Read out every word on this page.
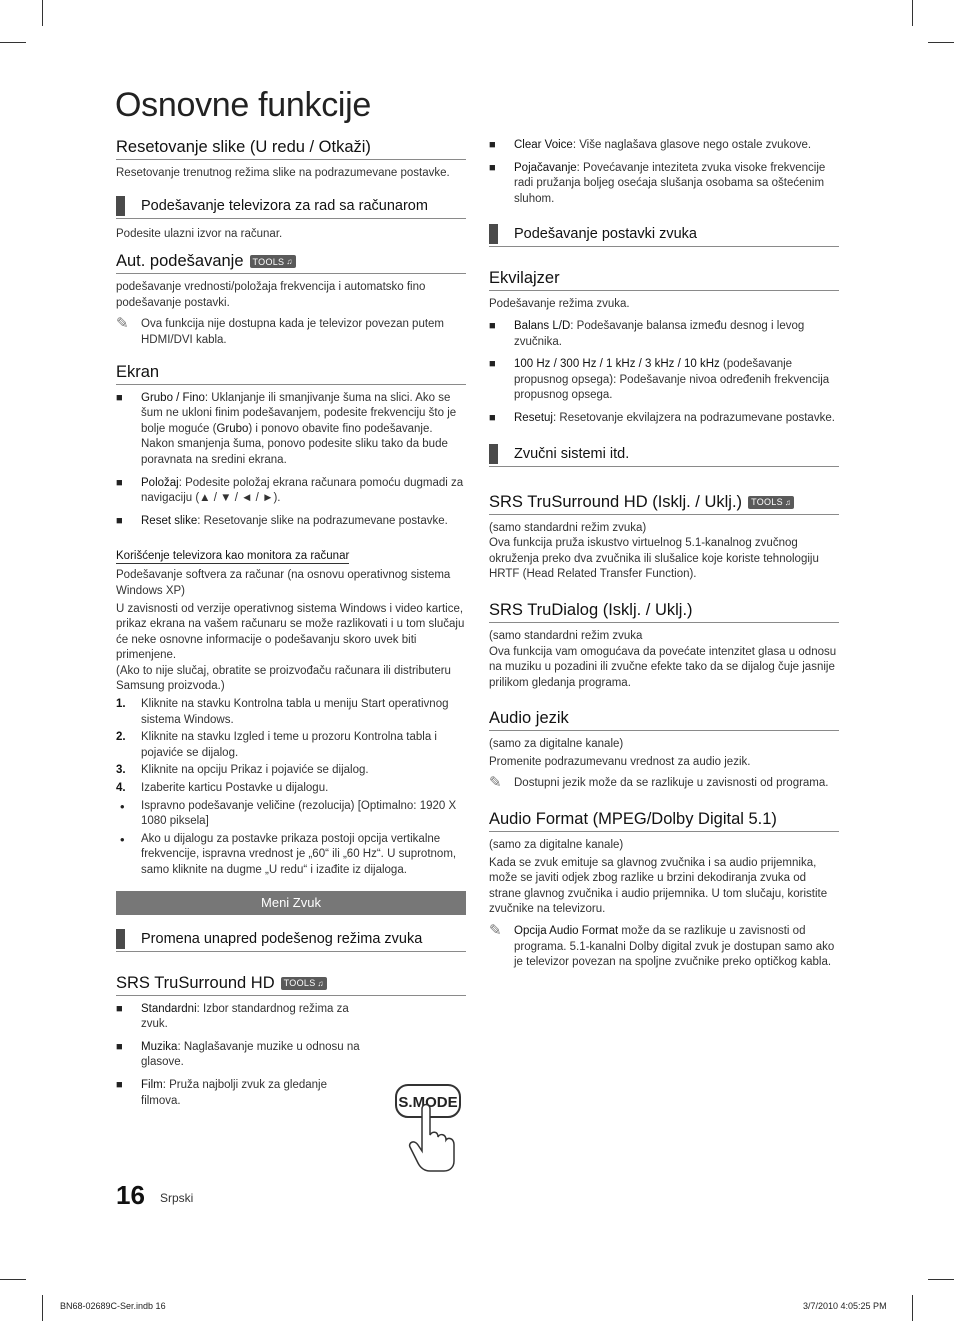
Osnovne funkcije
Resetovanje slike (U redu / Otkaži)

Resetovanje trenutnog režima slike na podrazumevane postavke.

Podešavanje televizora za rad sa računarom

Podesite ulazni izvor na računar.

Aut. podešavanje TOOLS ♫

podešavanje vrednosti/položaja frekvencija i automatsko fino podešavanje postavki.

✎ Ova funkcija nije dostupna kada je televizor povezan putem HDMI/DVI kabla.
Ekran
■ Grubo / Fino: Uklanjanje ili smanjivanje šuma na slici. Ako se šum ne ukloni finim podešavanjem, podesite frekvenciju što je bolje moguće (Grubo) i ponovo obavite fino podešavanje. Nakon smanjenja šuma, ponovo podesite sliku tako da bude poravnata na sredini ekrana.
■ Položaj: Podesite položaj ekrana računara pomoću dugmadi za navigaciju (▲ / ▼ / ◄ / ►).
■ Reset slike: Resetovanje slike na podrazumevane postavke.
Korišćenje televizora kao monitora za računar

Podešavanje softvera za računar (na osnovu operativnog sistema Windows XP)

U zavisnosti od verzije operativnog sistema Windows i video kartice, prikaz ekrana na vašem računaru se može razlikovati i u tom slučaju će neke osnovne informacije o podešavanju skoro uvek biti primenjene.

(Ako to nije slučaj, obratite se proizvođaču računara ili distributeru Samsung proizvoda.)

1. Kliknite na stavku Kontrolna tabla u meniju Start operativnog sistema Windows.
2. Kliknite na stavku Izgled i teme u prozoru Kontrolna tabla i pojaviće se dijalog.
3. Kliknite na opciju Prikaz i pojaviće se dijalog.
4. Izaberite karticu Postavke u dijalogu.
• Ispravno podešavanje veličine (rezolucija) [Optimalno: 1920 X 1080 piksela]
• Ako u dijalogu za postavke prikaza postoji opcija vertikalne frekvencije, ispravna vrednost je „60“ ili „60 Hz“. U suprotnom, samo kliknite na dugme „U redu“ i izađite iz dijaloga.
Meni Zvuk
Promena unapred podešenog režima zvuka
SRS TruSurround HD TOOLS ♫
■ Standardni: Izbor standardnog režima za zvuk.
■ Muzika: Naglašavanje muzike u odnosu na glasove.
■ Film: Pruža najbolji zvuk za gledanje filmova.	S.MODE
■ Clear Voice: Više naglašava glasove nego ostale zvukove.
■ Pojačavanje: Povećavanje inteziteta zvuka visoke frekvencije radi pružanja boljeg osećaja slušanja osobama sa oštećenim sluhom.
Podešavanje postavki zvuka
Ekvilajzer

Podešavanje režima zvuka.

■ Balans L/D: Podešavanje balansa između desnog i levog zvučnika.
■ 100 Hz / 300 Hz / 1 kHz / 3 kHz / 10 kHz (podešavanje propusnog opsega): Podešavanje nivoa određenih frekvencija propusnog opsega.
■ Resetuj: Resetovanje ekvilajzera na podrazumevane postavke.
Zvučni sistemi itd.
SRS TruSurround HD (Isklj. / Uklj.) TOOLS ♫

(samo standardni režim zvuka)

Ova funkcija pruža iskustvo virtuelnog 5.1-kanalnog zvučnog okruženja preko dva zvučnika ili slušalice koje koriste tehnologiju HRTF (Head Related Transfer Function).

SRS TruDialog (Isklj. / Uklj.)

(samo standardni režim zvuka

Ova funkcija vam omogućava da povećate intenzitet glasa u odnosu na muziku u pozadini ili zvučne efekte tako da se dijalog čuje jasnije prilikom gledanja programa.

Audio jezik

(samo za digitalne kanale)

Promenite podrazumevanu vrednost za audio jezik.

✎ Dostupni jezik može da se razlikuje u zavisnosti od programa.
Audio Format (MPEG/Dolby Digital 5.1)

(samo za digitalne kanale)

Kada se zvuk emituje sa glavnog zvučnika i sa audio prijemnika, može se javiti odjek zbog razlike u brzini dekodiranja zvuka od strane glavnog zvučnika i audio prijemnika. U tom slučaju, koristite zvučnike na televizoru.

✎ Opcija Audio Format može da se razlikuje u zavisnosti od programa. 5.1-kanalni Dolby digital zvuk je dostupan samo ako je televizor povezan na spoljne zvučnike preko optičkog kabla.
16 Srpski
BN68-02689C-Ser.indb 16	3/7/2010 4:05:25 PM
